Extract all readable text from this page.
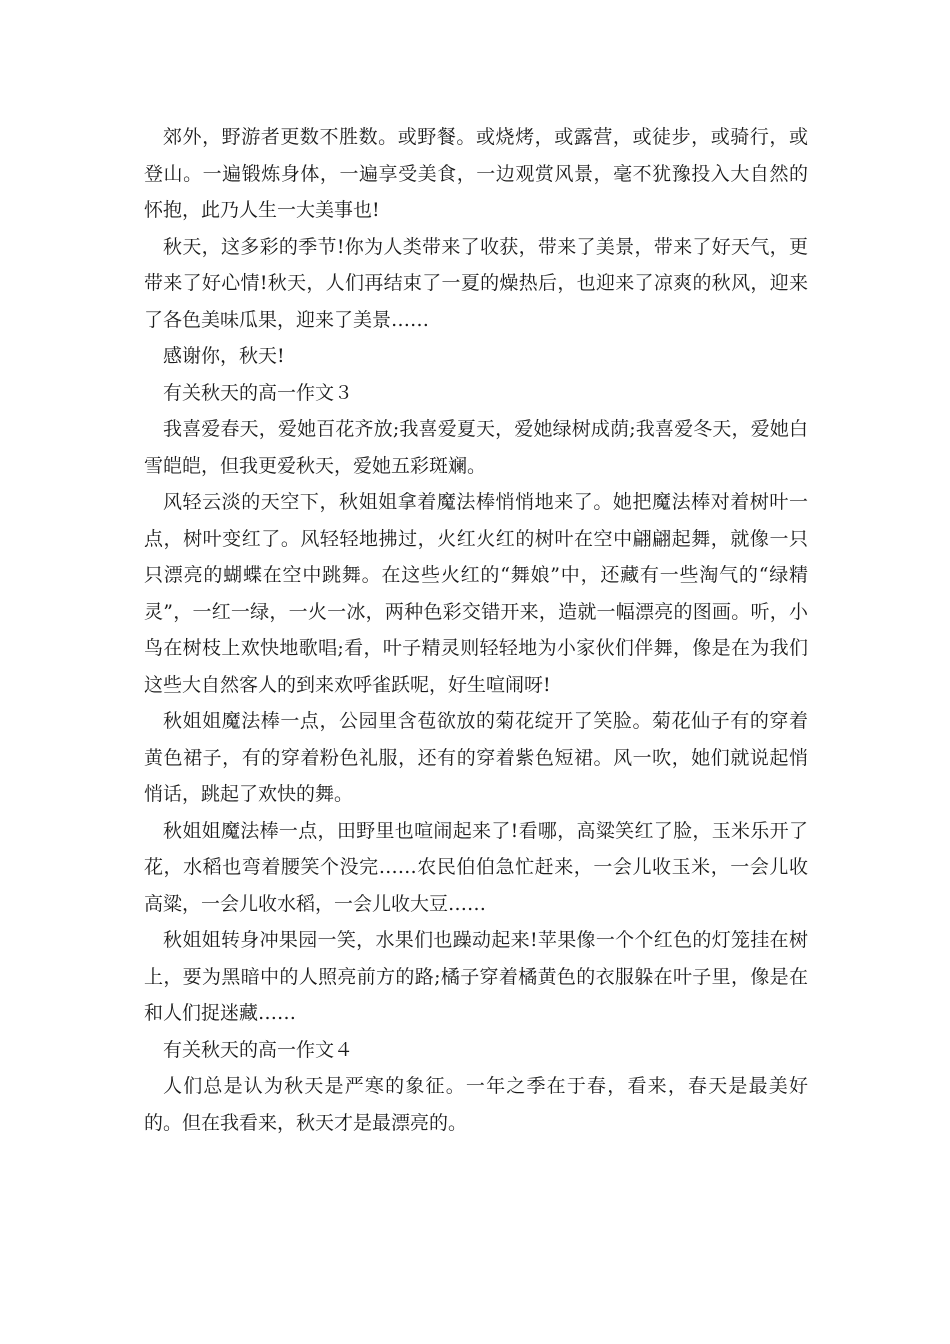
郊外，野游者更数不胜数。或野餐。或烧烤，或露营，或徒步，或骑行，或登山。一遍锻炼身体，一遍享受美食，一边观赏风景，毫不犹豫投入大自然的怀抱，此乃人生一大美事也!

秋天，这多彩的季节!你为人类带来了收获，带来了美景，带来了好天气，更带来了好心情!秋天，人们再结束了一夏的燥热后，也迎来了凉爽的秋风，迎来了各色美味瓜果，迎来了美景……

感谢你，秋天!

有关秋天的高一作文３

我喜爱春天，爱她百花齐放;我喜爱夏天，爱她绿树成荫;我喜爱冬天，爱她白雪皑皑，但我更爱秋天，爱她五彩斑斓。

风轻云淡的天空下，秋姐姐拿着魔法棒悄悄地来了。她把魔法棒对着树叶一点，树叶变红了。风轻轻地拂过，火红火红的树叶在空中翩翩起舞，就像一只只漂亮的蝴蝶在空中跳舞。在这些火红的“舞娘”中，还藏有一些淘气的“绿精灵”，一红一绿，一火一冰，两种色彩交错开来，造就一幅漂亮的图画。听，小鸟在树枝上欢快地歌唱;看，叶子精灵则轻轻地为小家伙们伴舞，像是在为我们这些大自然客人的到来欢呼雀跃呢，好生喧闹呀!

秋姐姐魔法棒一点，公园里含苞欲放的菊花绽开了笑脸。菊花仙子有的穿着黄色裙子，有的穿着粉色礼服，还有的穿着紫色短裙。风一吹，她们就说起悄悄话，跳起了欢快的舞。

秋姐姐魔法棒一点，田野里也喧闹起来了!看哪，高粱笑红了脸，玉米乐开了花，水稻也弯着腰笑个没完……农民伯伯急忙赶来，一会儿收玉米，一会儿收高粱，一会儿收水稻，一会儿收大豆……

秋姐姐转身冲果园一笑，水果们也躁动起来!苹果像一个个红色的灯笼挂在树上，要为黑暗中的人照亮前方的路;橘子穿着橘黄色的衣服躲在叶子里，像是在和人们捉迷藏……

有关秋天的高一作文４

人们总是认为秋天是严寒的象征。一年之季在于春，看来，春天是最美好的。但在我看来，秋天才是最漂亮的。
